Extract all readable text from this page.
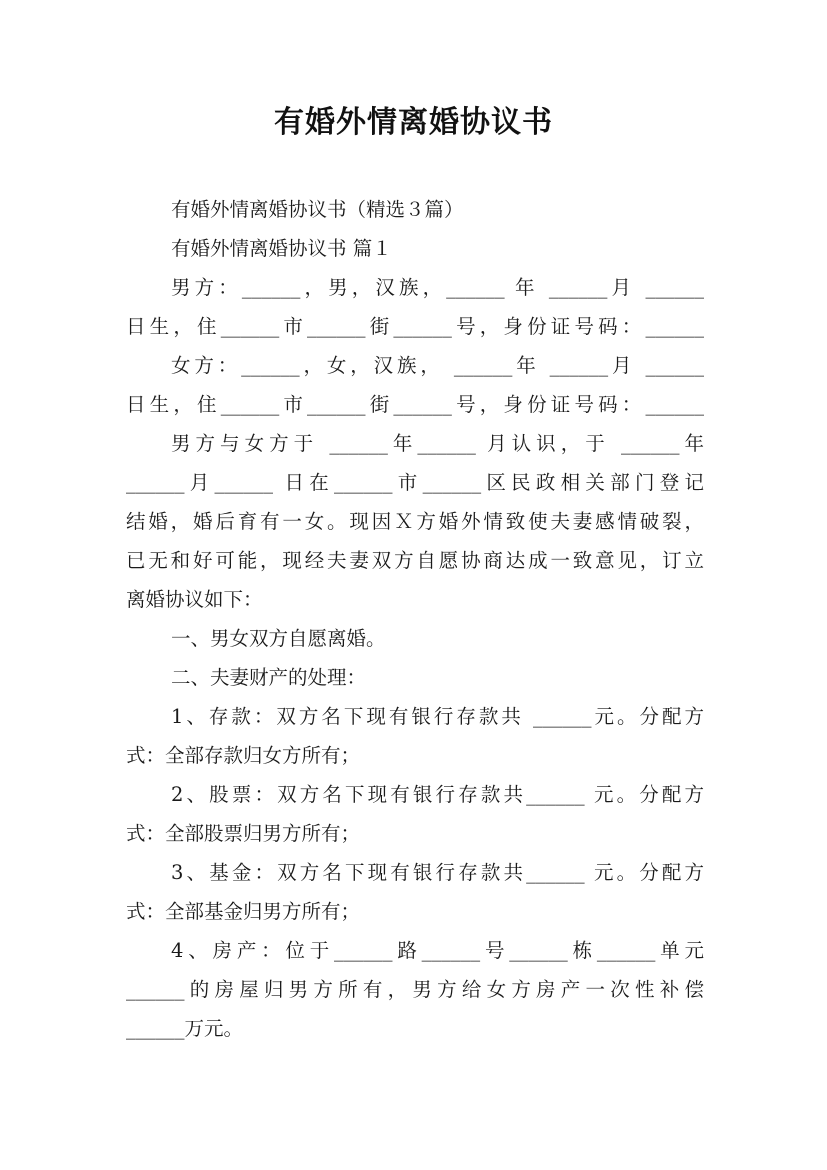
有婚外情离婚协议书
有婚外情离婚协议书（精选３篇）
有婚外情离婚协议书 篇１
男方：______，男，汉族，______ 年 ______月 ______
日生，住______市______街______号，身份证号码：______
女方：______，女，汉族， ______年 ______月 ______
日生，住______市______街______号，身份证号码：______
男方与女方于 ______年______ 月认识，于 ______年
______月______ 日在______市______区民政相关部门登记
结婚，婚后育有一女。现因Ｘ方婚外情致使夫妻感情破裂，
已无和好可能，现经夫妻双方自愿协商达成一致意见，订立
离婚协议如下：
一、男女双方自愿离婚。
二、夫妻财产的处理：
1、存款：双方名下现有银行存款共 ______元。分配方
式：全部存款归女方所有；
2、股票：双方名下现有银行存款共______ 元。分配方
式：全部股票归男方所有；
3、基金：双方名下现有银行存款共______ 元。分配方
式：全部基金归男方所有；
4、房产：位于______路______号______栋______单元
______的房屋归男方所有，男方给女方房产一次性补偿
______万元。
